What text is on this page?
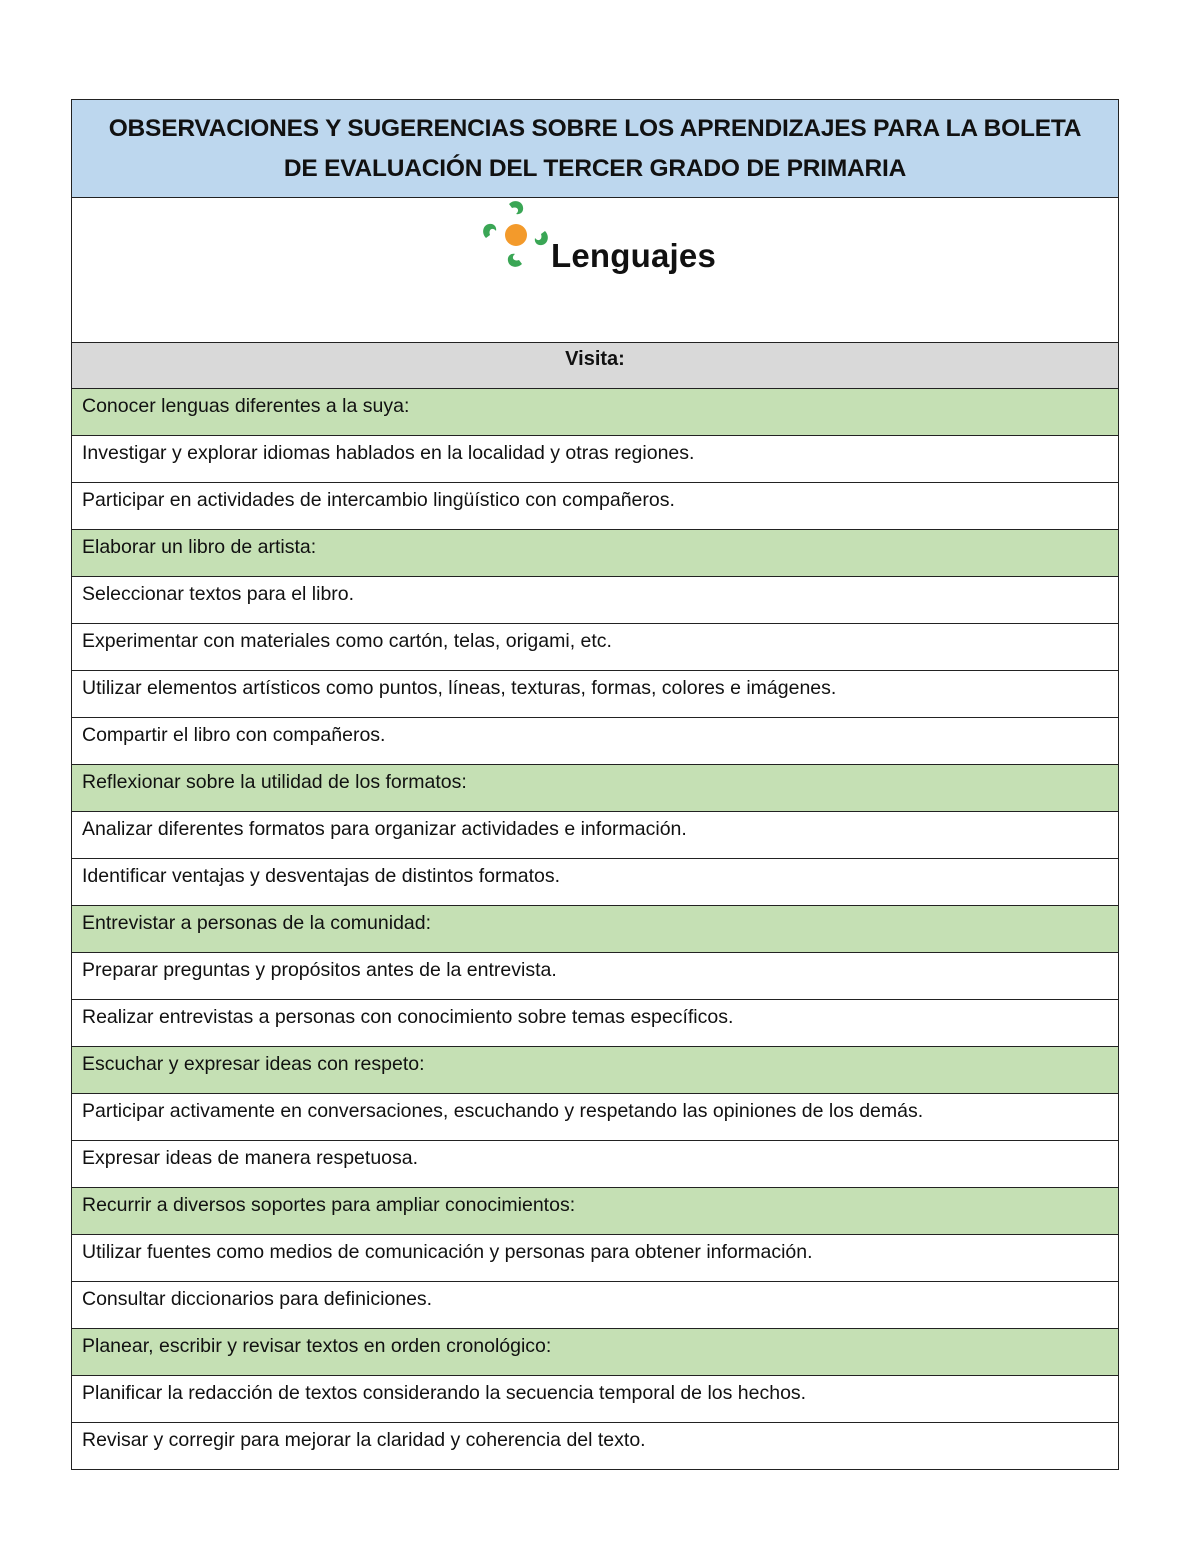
OBSERVACIONES Y SUGERENCIAS SOBRE LOS APRENDIZAJES PARA LA BOLETA
DE EVALUACIÓN DEL TERCER GRADO DE PRIMARIA

Lenguajes

Visita:
Conocer lenguas diferentes a la suya:
Investigar y explorar idiomas hablados en la localidad y otras regiones.
Participar en actividades de intercambio lingüístico con compañeros.
Elaborar un libro de artista:
Seleccionar textos para el libro.
Experimentar con materiales como cartón, telas, origami, etc.
Utilizar elementos artísticos como puntos, líneas, texturas, formas, colores e imágenes.
Compartir el libro con compañeros.
Reflexionar sobre la utilidad de los formatos:
Analizar diferentes formatos para organizar actividades e información.
Identificar ventajas y desventajas de distintos formatos.
Entrevistar a personas de la comunidad:
Preparar preguntas y propósitos antes de la entrevista.
Realizar entrevistas a personas con conocimiento sobre temas específicos.
Escuchar y expresar ideas con respeto:
Participar activamente en conversaciones, escuchando y respetando las opiniones de los demás.
Expresar ideas de manera respetuosa.
Recurrir a diversos soportes para ampliar conocimientos:
Utilizar fuentes como medios de comunicación y personas para obtener información.
Consultar diccionarios para definiciones.
Planear, escribir y revisar textos en orden cronológico:
Planificar la redacción de textos considerando la secuencia temporal de los hechos.
Revisar y corregir para mejorar la claridad y coherencia del texto.
